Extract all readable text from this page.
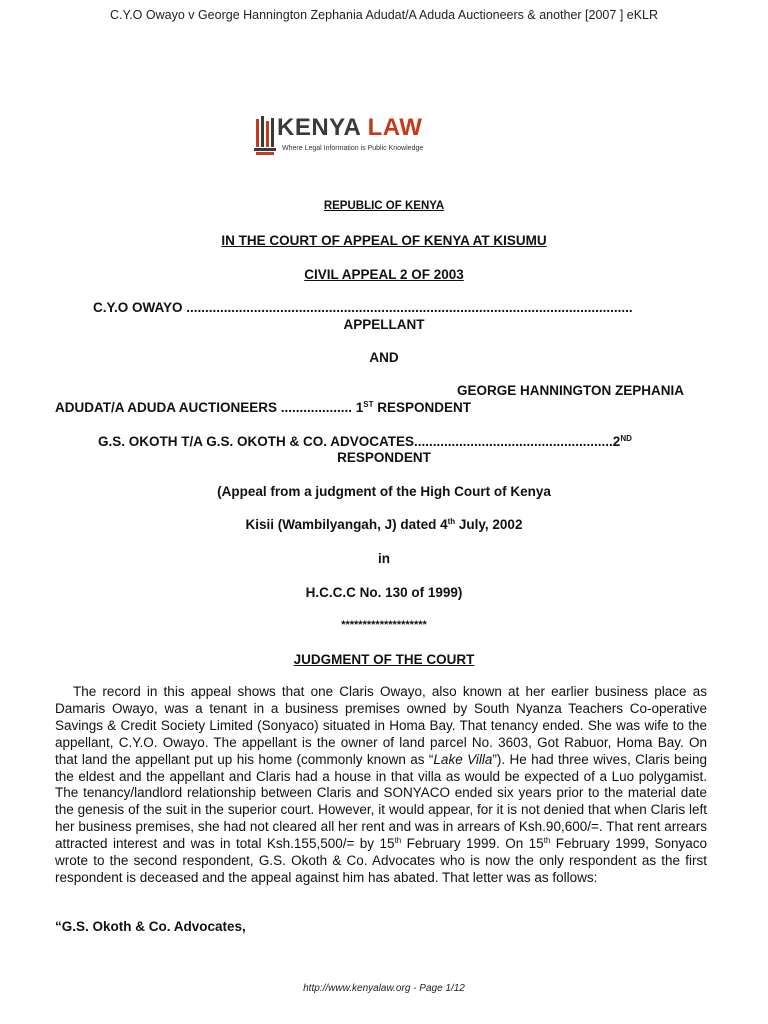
C.Y.O Owayo v George Hannington Zephania Adudat/A Aduda Auctioneers & another [2007 ] eKLR
KENYA LAW
Where Legal Information is Public Knowledge
REPUBLIC OF KENYA
IN THE COURT OF APPEAL OF KENYA AT KISUMU
CIVIL APPEAL 2 OF 2003
C.Y.O OWAYO .......................................................................................................................
APPELLANT
AND
GEORGE HANNINGTON ZEPHANIA
ADUDAT/A ADUDA AUCTIONEERS ................... 1ST RESPONDENT
G.S. OKOTH T/A G.S. OKOTH & CO. ADVOCATES.....................................................2ND
RESPONDENT
(Appeal from a judgment of the High Court of Kenya
Kisii (Wambilyangah, J) dated 4th July, 2002
in
H.C.C.C No. 130 of 1999)
********************
JUDGMENT OF THE COURT
The record in this appeal shows that one Claris Owayo, also known at her earlier business place as Damaris Owayo, was a tenant in a business premises owned by South Nyanza Teachers Co-operative Savings & Credit Society Limited (Sonyaco) situated in Homa Bay. That tenancy ended. She was wife to the appellant, C.Y.O. Owayo. The appellant is the owner of land parcel No. 3603, Got Rabuor, Homa Bay. On that land the appellant put up his home (commonly known as “Lake Villa”). He had three wives, Claris being the eldest and the appellant and Claris had a house in that villa as would be expected of a Luo polygamist. The tenancy/landlord relationship between Claris and SONYACO ended six years prior to the material date the genesis of the suit in the superior court. However, it would appear, for it is not denied that when Claris left her business premises, she had not cleared all her rent and was in arrears of Ksh.90,600/=. That rent arrears attracted interest and was in total Ksh.155,500/= by 15th February 1999. On 15th February 1999, Sonyaco wrote to the second respondent, G.S. Okoth & Co. Advocates who is now the only respondent as the first respondent is deceased and the appeal against him has abated. That letter was as follows:
“G.S. Okoth & Co. Advocates,
http://www.kenyalaw.org - Page 1/12
